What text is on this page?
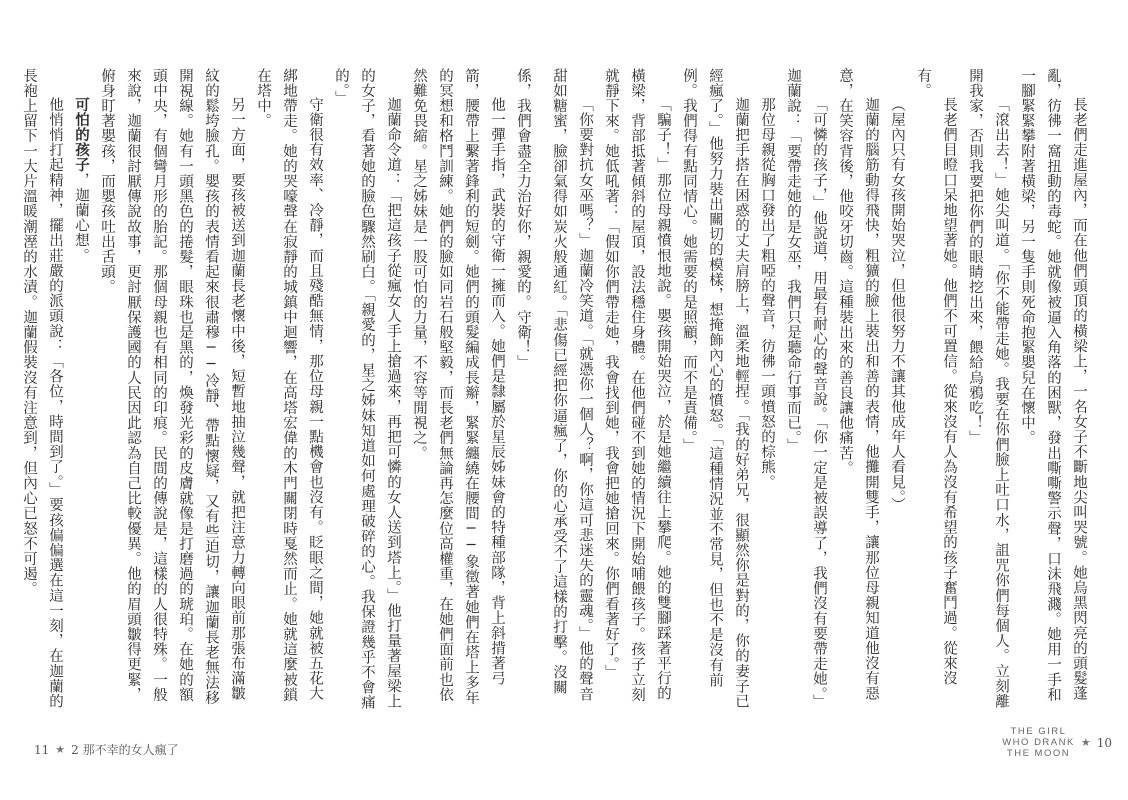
係，我們會盡全力治好你，親愛的。守衛！」

他一彈手指，武裝的守衛一擁而入。她們是隸屬於星辰姊妹會的特種部隊，背上斜揹著弓箭，腰帶上繫著鋒利的短劍。她們的頭髮編成長辮，緊緊纏繞在腰間──象徵著她們在塔上多年的冥想和格鬥訓練。她們的臉如同岩石般堅毅，而長老們無論再怎麼位高權重，在她們面前也依然難免畏縮。星之姊妹是一股可怕的力量，不容等閒視之。

迦蘭命令道：「把這孩子從瘋女人手上搶過來，再把可憐的女人送到塔上。」他打量著屋梁上的女子，看著她的臉色驟然刷白。「親愛的，星之姊妹知道如何處理破碎的心。我保證幾乎不會痛的。」

守衛很有效率、冷靜，而且殘酷無情，那位母親一點機會也沒有。眨眼之間，她就被五花大綁地帶走。她的哭嚎聲在寂靜的城鎮中迴響，在高塔宏偉的木門關閉時戛然而止。她就這麼被鎖在塔中。

另一方面，要孩被送到迦蘭長老懷中後，短暫地抽泣幾聲，就把注意力轉向眼前那張布滿皺紋的鬆垮臉孔。嬰孩的表情看起來很肅穆──冷靜、帶點懷疑，又有些迫切，讓迦蘭長老無法移開視線。她有一頭黑色的捲髮，眼珠也是黑的，煥發光彩的皮膚就像是打磨過的琥珀。在她的額頭中央，有個彎月形的胎記。那個母親也有相同的印痕。民間的傳說是，這樣的人很特殊。一般來說，迦蘭很討厭傳說故事，更討厭保護國的人民因此認為自己比較優異。他的眉頭皺得更緊，俯身盯著嬰孩，而嬰孩吐出舌頭。

可怕的孩子，迦蘭心想。

他悄悄打起精神，擺出莊嚴的派頭說：「各位，時間到了。」要孩偏偏選在這一刻，在迦蘭的長袍上留下一大片溫暖潮溼的水漬。迦蘭假裝沒有注意到，但內心已怒不可遏。

11 ★ 2 那不幸的女人瘋了

長老們走進屋內，而在他們頭頂的橫梁上，一名女子不斷地尖叫哭號。她烏黑閃亮的頭髮蓬亂，彷彿一窩扭動的毒蛇。她就像被逼入角落的困獸，發出嘶嘶警示聲，口沫飛濺。她用一手和一腳緊緊攀附著橫梁，另一隻手則死命抱緊嬰兒在懷中。

「滾出去！」她尖叫道。「你不能帶走她。我要在你們臉上吐口水，詛咒你們每個人。立刻離開我家，否則我要把你們的眼睛挖出來，餵給烏鴉吃！」

長老們目瞪口呆地望著她。他們不可置信。從來沒有人為沒有希望的孩子奮鬥過。從來沒有。

（屋內只有女孩開始哭泣，但他很努力不讓其他成年人看見。）

迦蘭的腦筋動得飛快，粗獷的臉上裝出和善的表情，他攤開雙手，讓那位母親知道他沒有惡意，在笑容背後，他咬牙切齒。這種裝出來的善良讓他痛苦。

「可憐的孩子，」他說道，用最有耐心的聲音說。「你一定是被誤導了，我們沒有要帶走她。」迦蘭說：「要帶走她的是女巫，我們只是聽命行事而已。」

那位母親從胸口發出了粗啞的聲音，彷彿一頭憤怒的棕熊。

迦蘭把手搭在困惑的丈夫肩膀上，溫柔地輕捏。「我的好弟兄，很顯然你是對的，你的妻子已經瘋了。」他努力裝出關切的模樣，想掩飾內心的憤怒。「這種情況並不常見，但也不是沒有前例。我們得有點同情心。她需要的是照顧，而不是責備。」

「騙子！」那位母親憤恨地說。嬰孩開始哭泣，於是她繼續往上攀爬。她的雙腳踩著平行的橫梁，背部抵著傾斜的屋頂，設法穩住身體。在他們碰不到她的情況下開始哺餵孩子。孩子立刻就靜下來。她低吼著：「假如你們帶走她，我會找到她，我會把她搶回來。你們看著好了。」

「你要對抗女巫嗎？」迦蘭冷笑道。「就憑你一個人？啊，你這可悲迷失的靈魂。」他的聲音甜如糖蜜，臉卻氣得如炭火般通紅。「悲傷已經把你逼瘋了，你的心承受不了這樣的打擊。沒關

THE GIRL
WHO DRANK
THE MOON
★ 10
